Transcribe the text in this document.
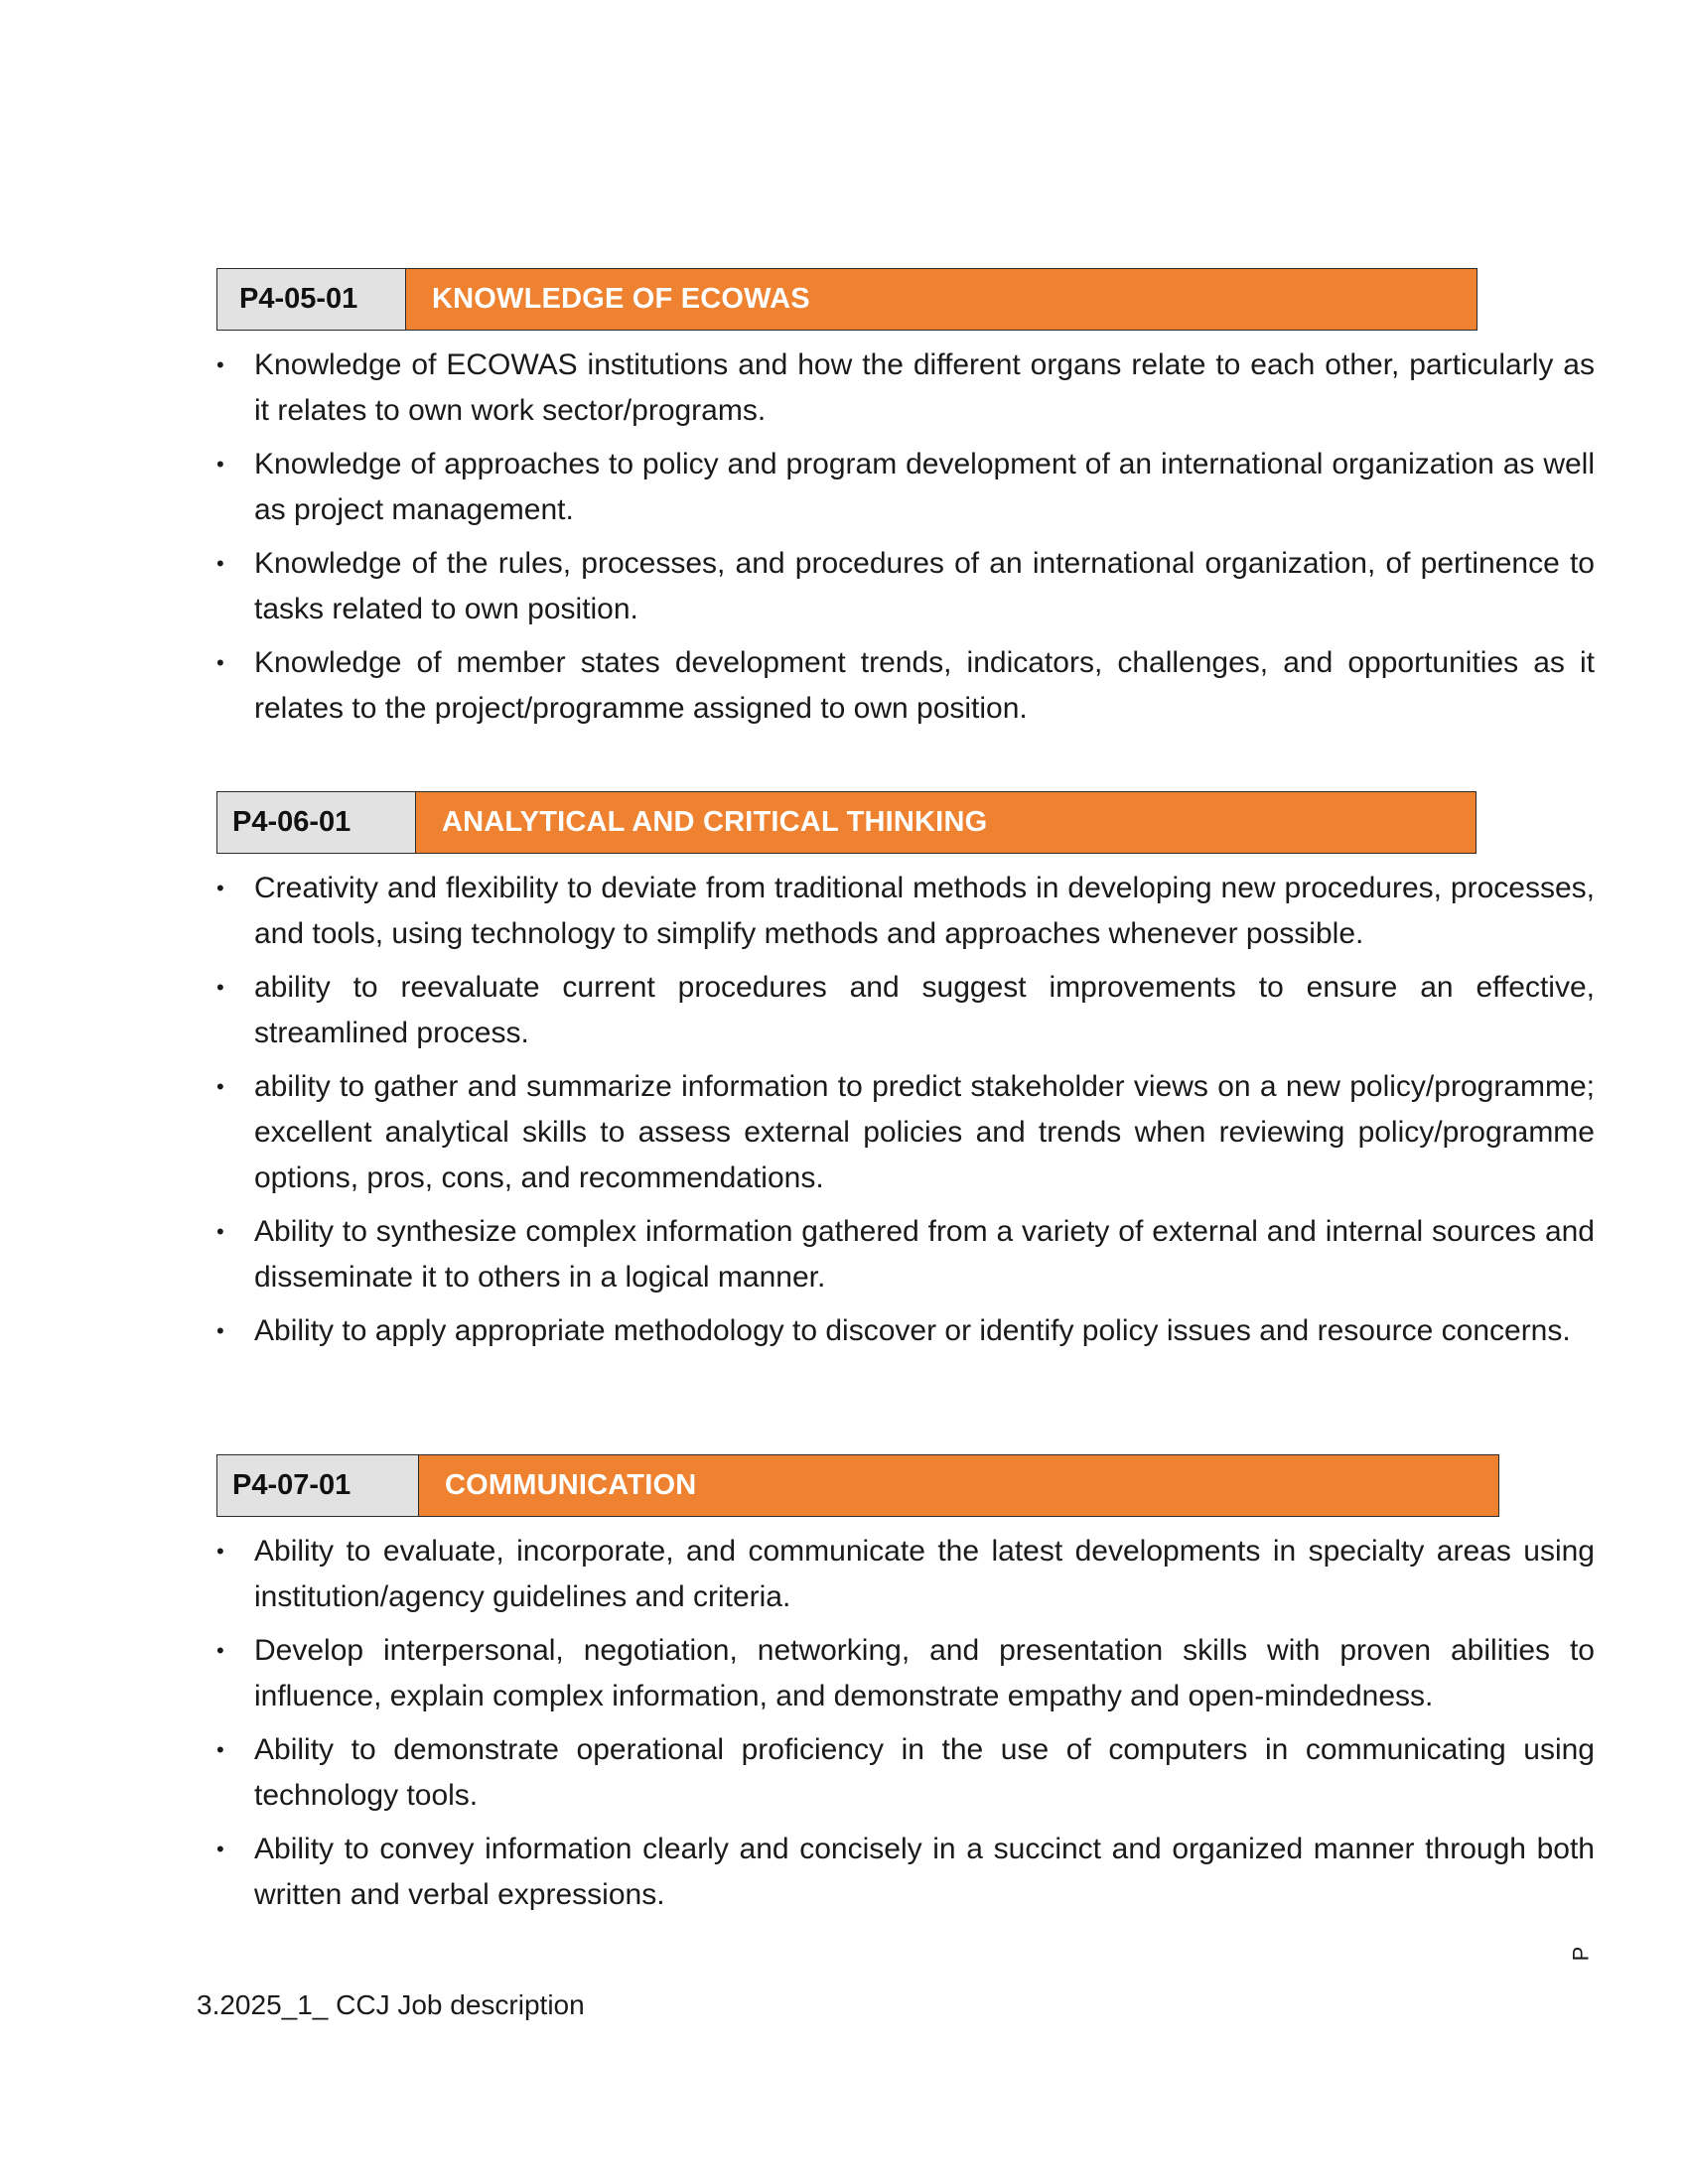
P4-05-01	KNOWLEDGE OF ECOWAS
• Knowledge of ECOWAS institutions and how the different organs relate to each other, particularly as it relates to own work sector/programs.
• Knowledge of approaches to policy and program development of an international organization as well as project management.
• Knowledge of the rules, processes, and procedures of an international organization, of pertinence to tasks related to own position.
• Knowledge of member states development trends, indicators, challenges, and opportunities as it relates to the project/programme assigned to own position.
P4-06-01	ANALYTICAL AND CRITICAL THINKING
• Creativity and flexibility to deviate from traditional methods in developing new procedures, processes, and tools, using technology to simplify methods and approaches whenever possible.
• ability to reevaluate current procedures and suggest improvements to ensure an effective, streamlined process.
• ability to gather and summarize information to predict stakeholder views on a new policy/programme; excellent analytical skills to assess external policies and trends when reviewing policy/programme options, pros, cons, and recommendations.
• Ability to synthesize complex information gathered from a variety of external and internal sources and disseminate it to others in a logical manner.
• Ability to apply appropriate methodology to discover or identify policy issues and resource concerns.
P4-07-01	COMMUNICATION
• Ability to evaluate, incorporate, and communicate the latest developments in specialty areas using institution/agency guidelines and criteria.
• Develop interpersonal, negotiation, networking, and presentation skills with proven abilities to influence, explain complex information, and demonstrate empathy and open-mindedness.
• Ability to demonstrate operational proficiency in the use of computers in communicating using technology tools.
• Ability to convey information clearly and concisely in a succinct and organized manner through both written and verbal expressions.
P
3.2025_1_ CCJ Job description
